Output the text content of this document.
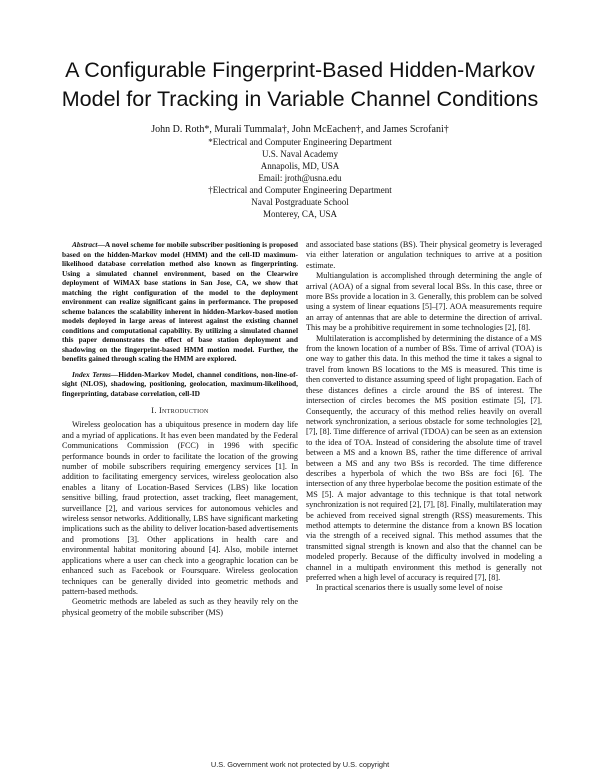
A Configurable Fingerprint-Based Hidden-Markov
Model for Tracking in Variable Channel Conditions
John D. Roth*, Murali Tummala†, John McEachen†, and James Scrofani†
*Electrical and Computer Engineering Department
U.S. Naval Academy
Annapolis, MD, USA
Email: jroth@usna.edu
†Electrical and Computer Engineering Department
Naval Postgraduate School
Monterey, CA, USA

Abstract—A novel scheme for mobile subscriber positioning is proposed based on the hidden-Markov model (HMM) and the cell-ID maximum-likelihood database correlation method also known as fingerprinting. Using a simulated channel environment, based on the Clearwire deployment of WiMAX base stations in San Jose, CA, we show that matching the right configuration of the model to the deployment environment can realize significant gains in performance. The proposed scheme balances the scalability inherent in hidden-Markov-based motion models deployed in large areas of interest against the existing channel conditions and computational capability. By utilizing a simulated channel this paper demonstrates the effect of base station deployment and shadowing on the fingerprint-based HMM motion model. Further, the benefits gained through scaling the HMM are explored.

Index Terms—Hidden-Markov Model, channel conditions, non-line-of-sight (NLOS), shadowing, positioning, geolocation, maximum-likelihood, fingerprinting, database correlation, cell-ID

I. Introduction

Wireless geolocation has a ubiquitous presence in modern day life and a myriad of applications. It has even been mandated by the Federal Communications Commission (FCC) in 1996 with specific performance bounds in order to facilitate the location of the growing number of mobile subscribers requiring emergency services [1]. In addition to facilitating emergency services, wireless geolocation also enables a litany of Location-Based Services (LBS) like location sensitive billing, fraud protection, asset tracking, fleet management, surveillance [2], and various services for autonomous vehicles and wireless sensor networks. Additionally, LBS have significant marketing implications such as the ability to deliver location-based advertisements and promotions [3]. Other applications in health care and environmental habitat monitoring abound [4]. Also, mobile internet applications where a user can check into a geographic location can be enhanced such as Facebook or Foursquare. Wireless geolocation techniques can be generally divided into geometric methods and pattern-based methods.

Geometric methods are labeled as such as they heavily rely on the physical geometry of the mobile subscriber (MS)

and associated base stations (BS). Their physical geometry is leveraged via either lateration or angulation techniques to arrive at a position estimate.

Multiangulation is accomplished through determining the angle of arrival (AOA) of a signal from several local BSs. In this case, three or more BSs provide a location in 3. Generally, this problem can be solved using a system of linear equations [5]–[7]. AOA measurements require an array of antennas that are able to determine the direction of arrival. This may be a prohibitive requirement in some technologies [2], [8].

Multilateration is accomplished by determining the distance of a MS from the known location of a number of BSs. Time of arrival (TOA) is one way to gather this data. In this method the time it takes a signal to travel from known BS locations to the MS is measured. This time is then converted to distance assuming speed of light propagation. Each of these distances defines a circle around the BS of interest. The intersection of circles becomes the MS position estimate [5], [7]. Consequently, the accuracy of this method relies heavily on overall network synchronization, a serious obstacle for some technologies [2], [7], [8]. Time difference of arrival (TDOA) can be seen as an extension to the idea of TOA. Instead of considering the absolute time of travel between a MS and a known BS, rather the time difference of arrival between a MS and any two BSs is recorded. The time difference describes a hyperbola of which the two BSs are foci [6]. The intersection of any three hyperbolae become the position estimate of the MS [5]. A major advantage to this technique is that total network synchronization is not required [2], [7], [8]. Finally, multilateration may be achieved from received signal strength (RSS) measurements. This method attempts to determine the distance from a known BS location via the strength of a received signal. This method assumes that the transmitted signal strength is known and also that the channel can be modeled properly. Because of the difficulty involved in modeling a channel in a multipath environment this method is generally not preferred when a high level of accuracy is required [7], [8].

In practical scenarios there is usually some level of noise

U.S. Government work not protected by U.S. copyright
